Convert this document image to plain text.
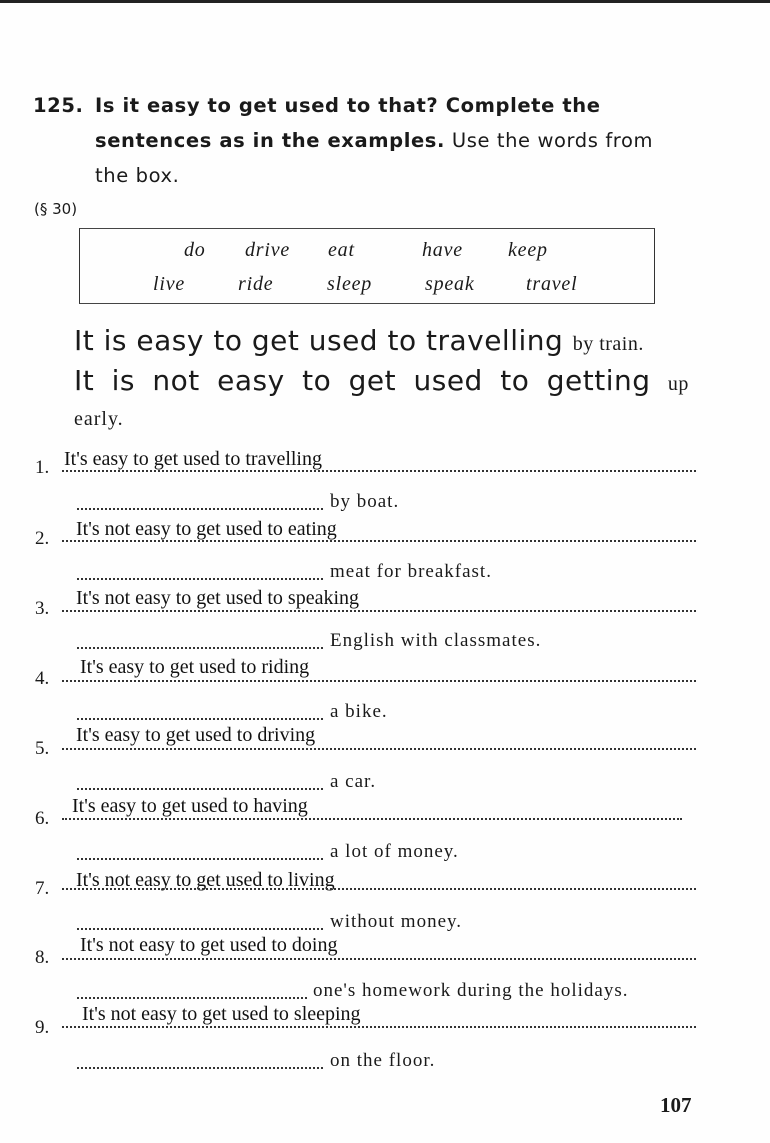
125. Is it easy to get used to that? Complete the
sentences as in the examples. Use the words from
the box.
(§ 30)
do drive eat	have keep
live	ride	sleep	speak	travel
It is easy to get used to travelling by train.
It is not easy to get used to getting up
early.
1. It's easy to get used to travelling
by boat.
2. It's not easy to get used to eating
meat for breakfast.
3. It's not easy to get used to speaking
English with classmates.
4.
It's easy to get used to riding
a bike.
5.
It's easy to get used to driving
a car.
6.
It's easy to get used to having
a lot of money.
7. It's not easy to get used to living
without money.
8.
It's not easy to get used to doing
one's homework during the holidays.
9.
It's not easy to get used to sleeping
on the floor.
107
